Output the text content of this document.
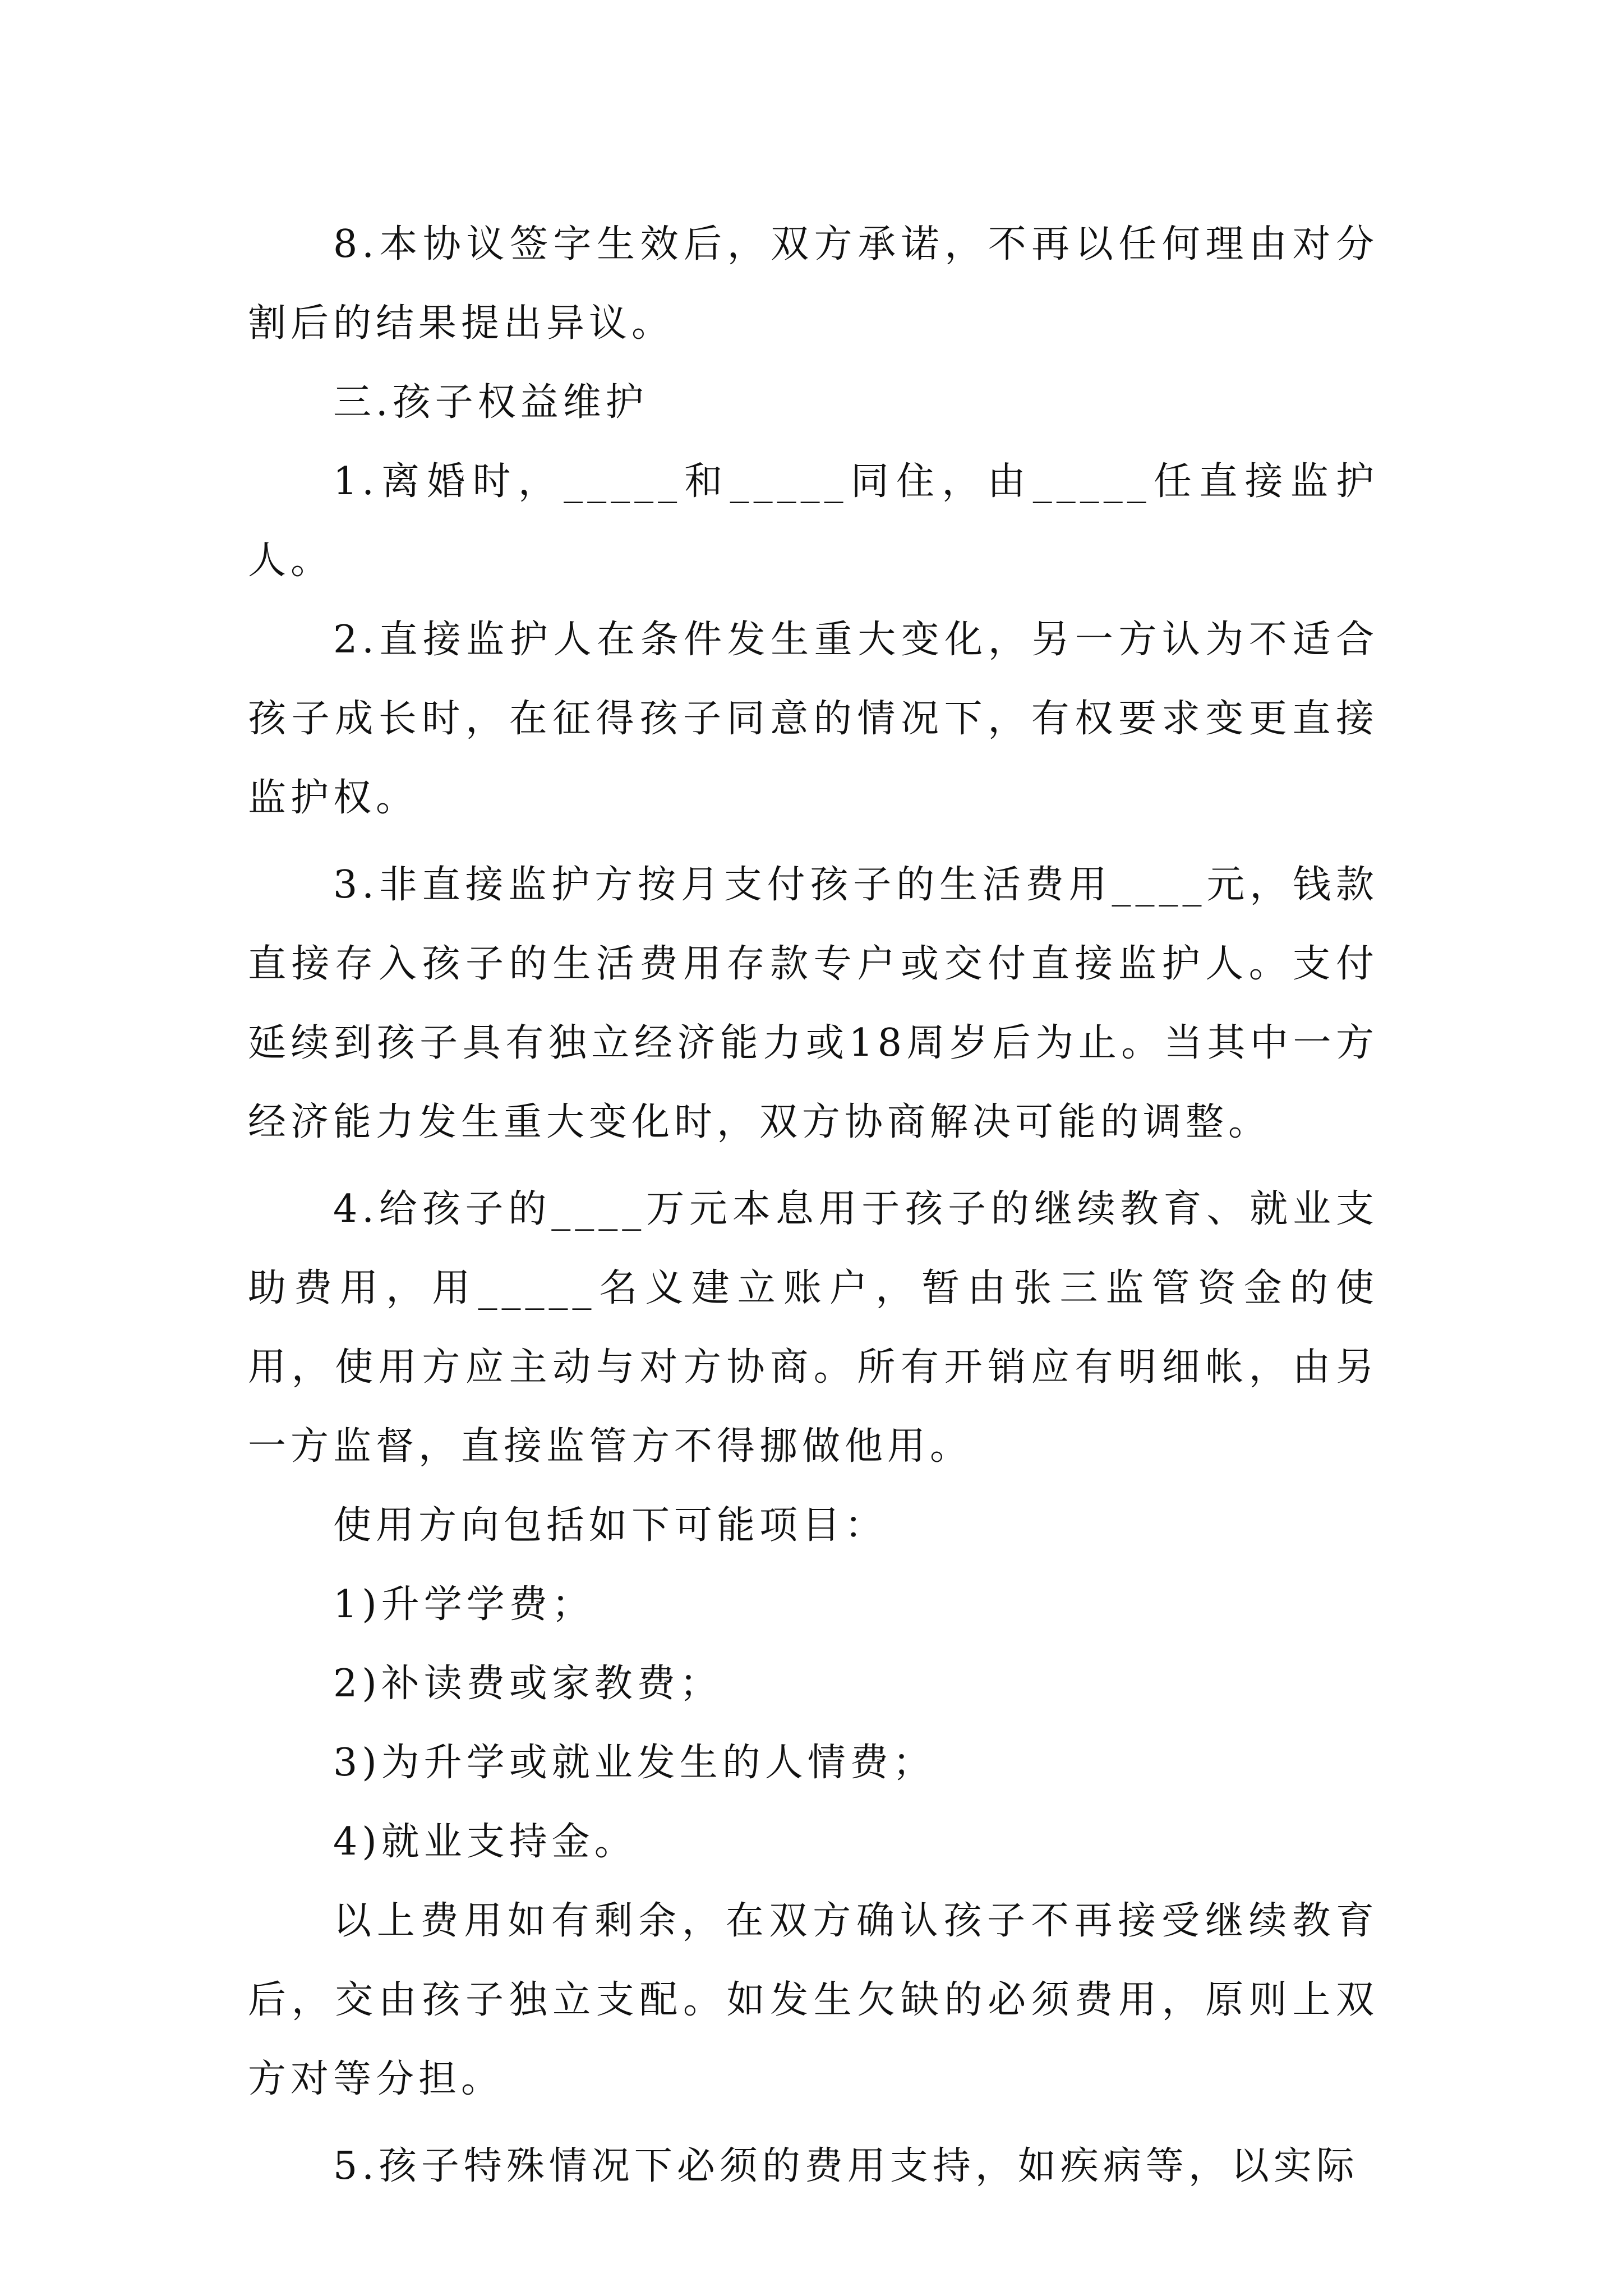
8.本协议签字生效后，双方承诺，不再以任何理由对分割后的结果提出异议。

三.孩子权益维护

1.离婚时，_____和_____同住，由_____任直接监护人。

2.直接监护人在条件发生重大变化，另一方认为不适合孩子成长时，在征得孩子同意的情况下，有权要求变更直接监护权。

3.非直接监护方按月支付孩子的生活费用____元，钱款直接存入孩子的生活费用存款专户或交付直接监护人。支付延续到孩子具有独立经济能力或18周岁后为止。当其中一方经济能力发生重大变化时，双方协商解决可能的调整。

4.给孩子的____万元本息用于孩子的继续教育、就业支助费用，用_____名义建立账户，暂由张三监管资金的使用，使用方应主动与对方协商。所有开销应有明细帐，由另一方监督，直接监管方不得挪做他用。

使用方向包括如下可能项目：

1)升学学费；

2)补读费或家教费；

3)为升学或就业发生的人情费；

4)就业支持金。

以上费用如有剩余，在双方确认孩子不再接受继续教育后，交由孩子独立支配。如发生欠缺的必须费用，原则上双方对等分担。

5.孩子特殊情况下必须的费用支持，如疾病等，以实际
